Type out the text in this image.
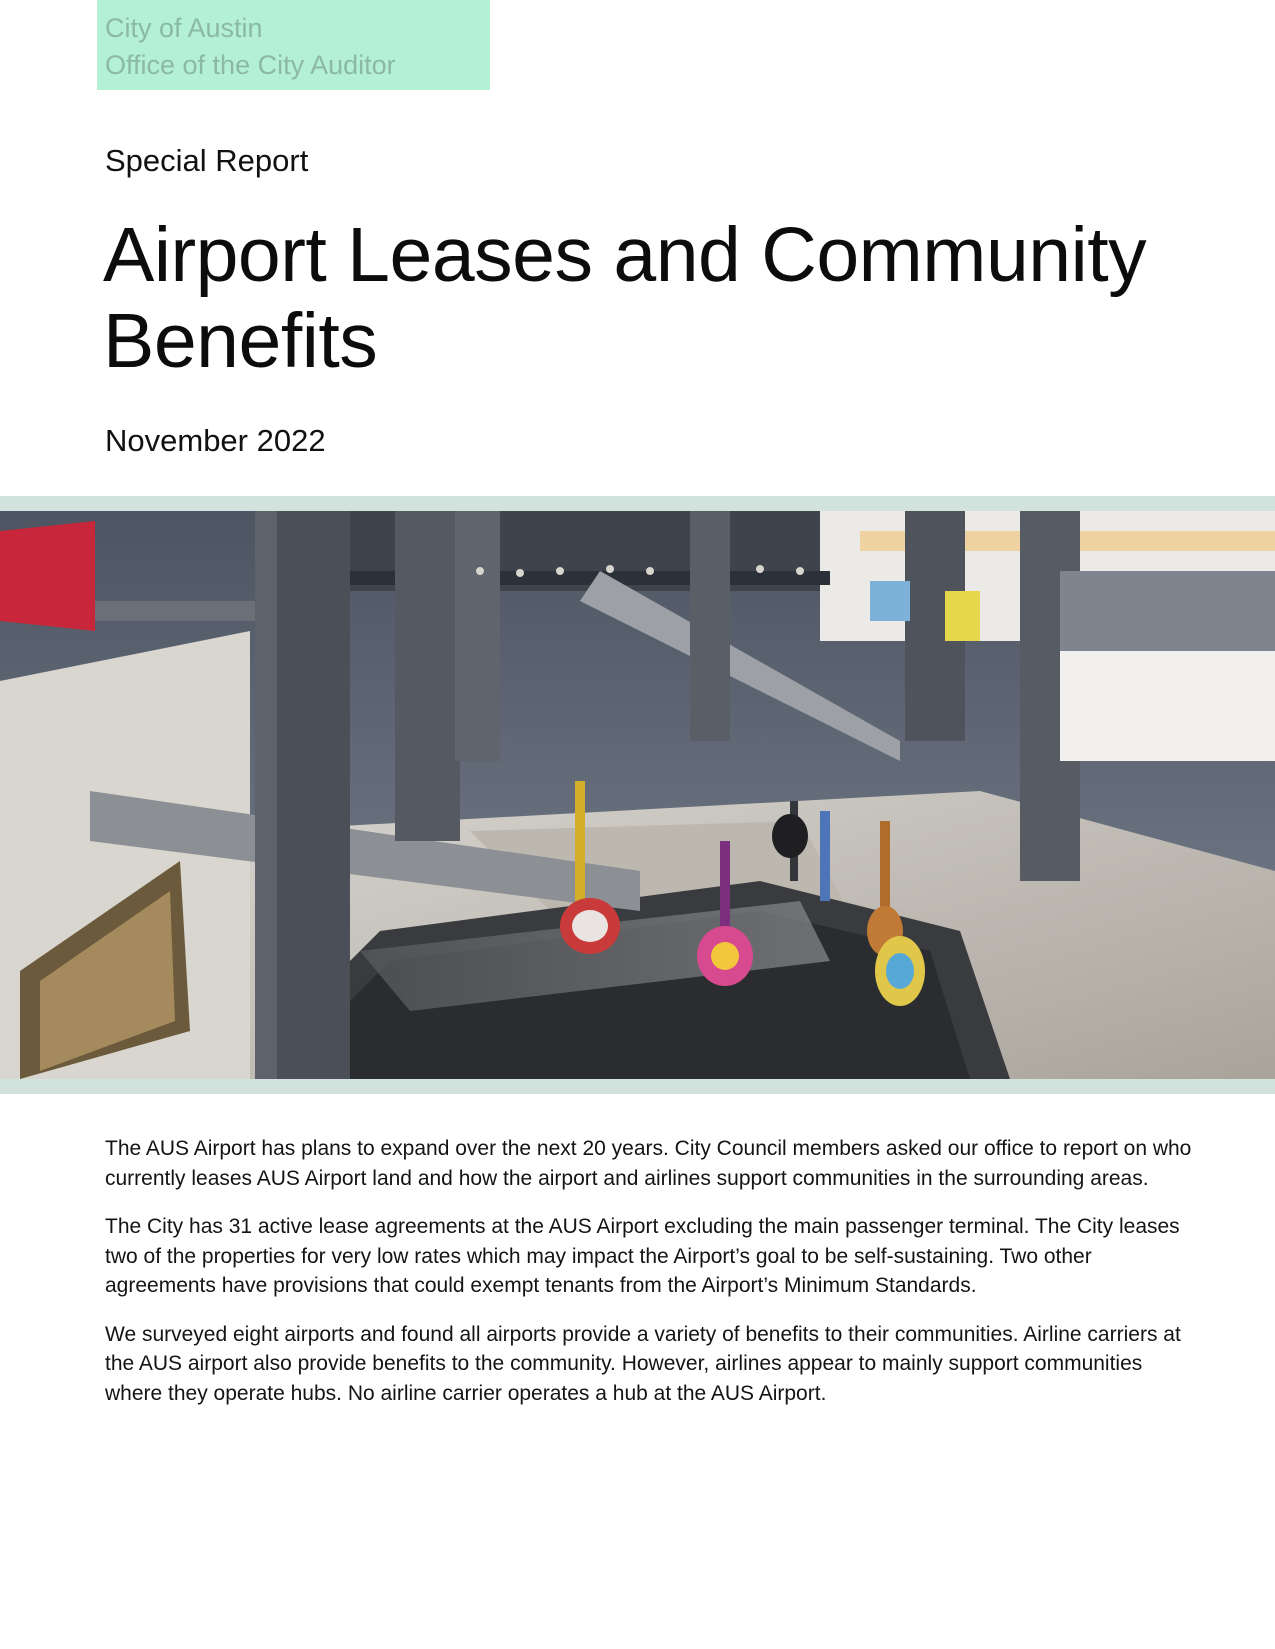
City of Austin
Office of the City Auditor
Special Report
Airport Leases and Community Benefits
November 2022

The AUS Airport has plans to expand over the next 20 years. City Council members asked our office to report on who currently leases AUS Airport land and how the airport and airlines support communities in the surrounding areas.

The City has 31 active lease agreements at the AUS Airport excluding the main passenger terminal. The City leases two of the properties for very low rates which may impact the Airport’s goal to be self-sustaining. Two other agreements have provisions that could exempt tenants from the Airport’s Minimum Standards.

We surveyed eight airports and found all airports provide a variety of benefits to their communities. Airline carriers at the AUS airport also provide benefits to the community. However, airlines appear to mainly support communities where they operate hubs. No airline carrier operates a hub at the AUS Airport.
